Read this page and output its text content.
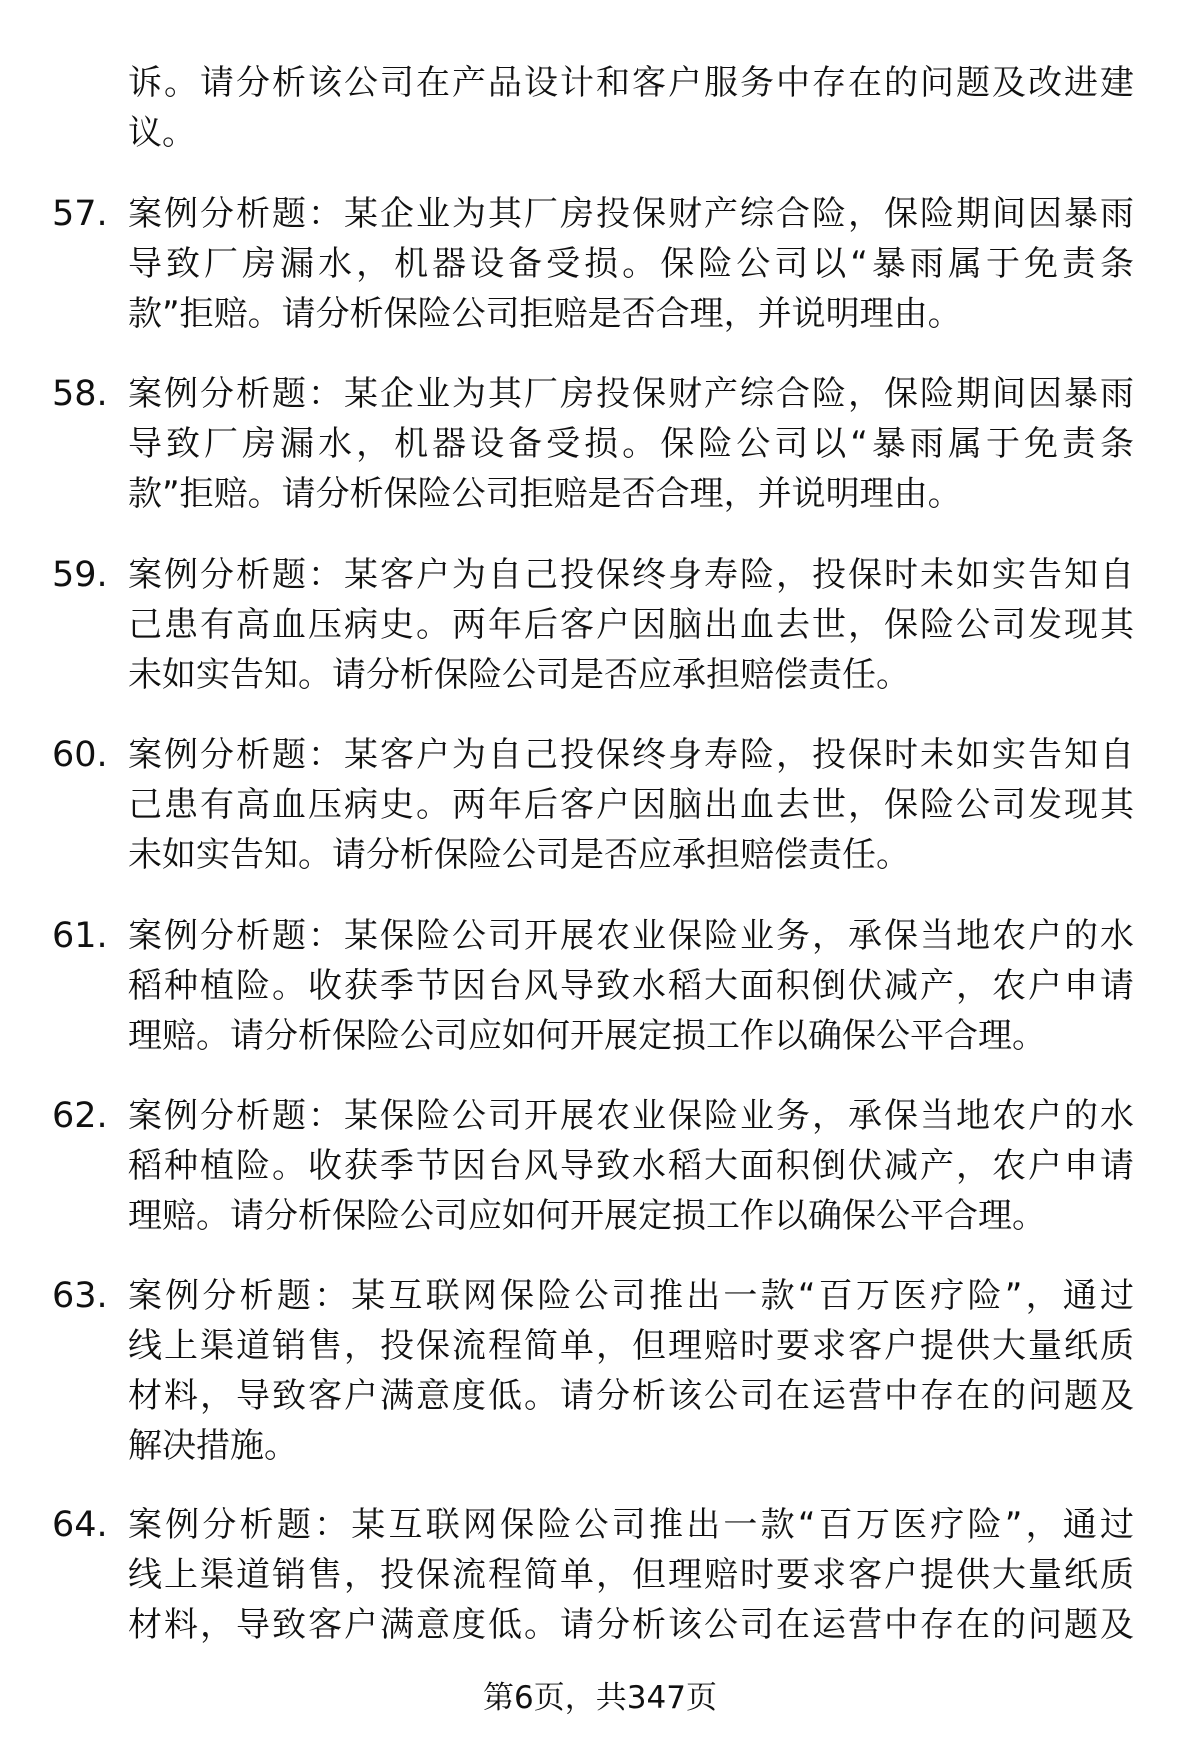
诉。请分析该公司在产品设计和客户服务中存在的问题及改进建
议。
57. 案例分析题：某企业为其厂房投保财产综合险，保险期间因暴雨
导致厂房漏水，机器设备受损。保险公司以“暴雨属于免责条
款”拒赔。请分析保险公司拒赔是否合理，并说明理由。
58. 案例分析题：某企业为其厂房投保财产综合险，保险期间因暴雨
导致厂房漏水，机器设备受损。保险公司以“暴雨属于免责条
款”拒赔。请分析保险公司拒赔是否合理，并说明理由。
59. 案例分析题：某客户为自己投保终身寿险，投保时未如实告知自
己患有高血压病史。两年后客户因脑出血去世，保险公司发现其
未如实告知。请分析保险公司是否应承担赔偿责任。
60. 案例分析题：某客户为自己投保终身寿险，投保时未如实告知自
己患有高血压病史。两年后客户因脑出血去世，保险公司发现其
未如实告知。请分析保险公司是否应承担赔偿责任。
61. 案例分析题：某保险公司开展农业保险业务，承保当地农户的水
稻种植险。收获季节因台风导致水稻大面积倒伏减产，农户申请
理赔。请分析保险公司应如何开展定损工作以确保公平合理。
62. 案例分析题：某保险公司开展农业保险业务，承保当地农户的水
稻种植险。收获季节因台风导致水稻大面积倒伏减产，农户申请
理赔。请分析保险公司应如何开展定损工作以确保公平合理。
63. 案例分析题：某互联网保险公司推出一款“百万医疗险”，通过
线上渠道销售，投保流程简单，但理赔时要求客户提供大量纸质
材料，导致客户满意度低。请分析该公司在运营中存在的问题及
解决措施。
64. 案例分析题：某互联网保险公司推出一款“百万医疗险”，通过
线上渠道销售，投保流程简单，但理赔时要求客户提供大量纸质
材料，导致客户满意度低。请分析该公司在运营中存在的问题及
第6页，共347页
